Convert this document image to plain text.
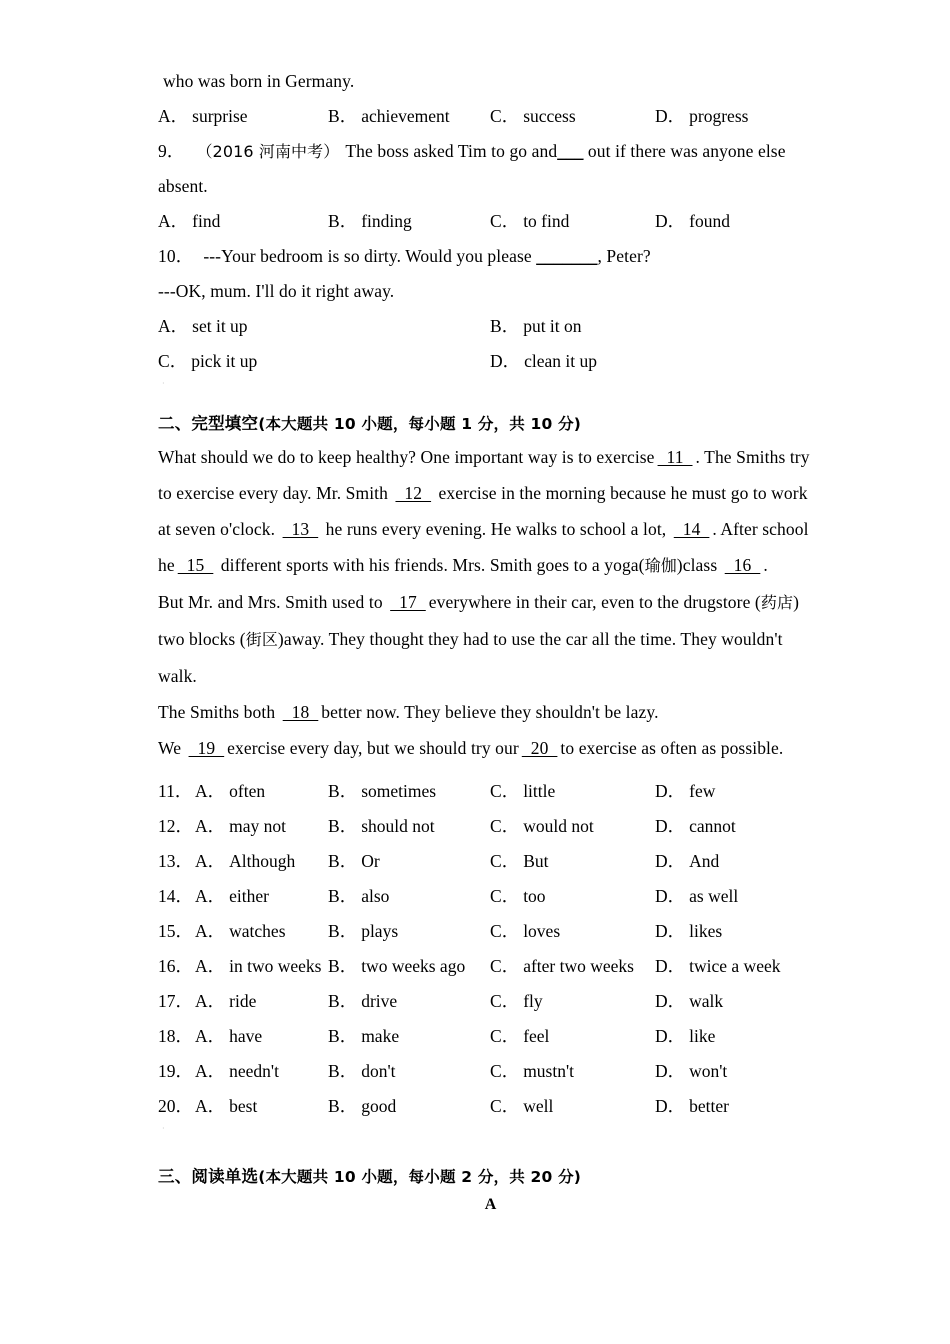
who was born in Germany.
A ． surprise	B ． achievement C ． success	D ． progress
9． （2016 河南中考） The boss asked Tim to go and___ out if there was anyone else
absent.
A ． find	B ． finding	C ． to find	D ． found
10． ---Your bedroom is so dirty. Would you please _______, Peter?
---OK, mum. I'll do it right away.
A ． set it up	B ． put it on
C ． pick it up	D ． clean it up
·
二、完型填空(本大题共 10 小题，每小题 1 分，共 10 分)
What should we do to keep healthy? One important way is to exercise  11  . The Smiths try
to exercise every day. Mr. Smith   12   exercise in the morning because he must go to work
at seven o'clock.   13   he runs every evening. He walks to school a lot,   14  . After school
he  15   different sports with his friends. Mrs. Smith goes to a yoga(瑜伽)class   16  .
But Mr. and Mrs. Smith used to   17  everywhere in their car, even to the drugstore (药店)
two blocks (街区)away. They thought they had to use the car all the time. They wouldn't
walk.
The Smiths both   18  better now. They believe they shouldn't be lazy.
We   19  exercise every day, but we should try our  20  to exercise as often as possible.
11． A ． often	B ． sometimes	C ． little	D ． few
12． A ． may not B ． should not	C ． would not	D ． cannot
13． A ． Although B ． Or	C ． But	D ． And
14． A ． either	B ． also	C ． too	D ． as well
15． A ． watches B ． plays	C ． loves	D ． likes
16． A ． in two weeks B ． two weeks ago C ． after two weeks D ． twice a week
17． A ． ride	B ． drive	C ． fly	D ． walk
18． A ． have	B ． make	C ． feel	D ． like
19． A ． needn't	B ． don't	C ． mustn't	D ． won't
20． A ． best	B ． good	C ． well	D ． better
·
三、阅读单选(本大题共 10 小题，每小题 2 分，共 20 分)
A
